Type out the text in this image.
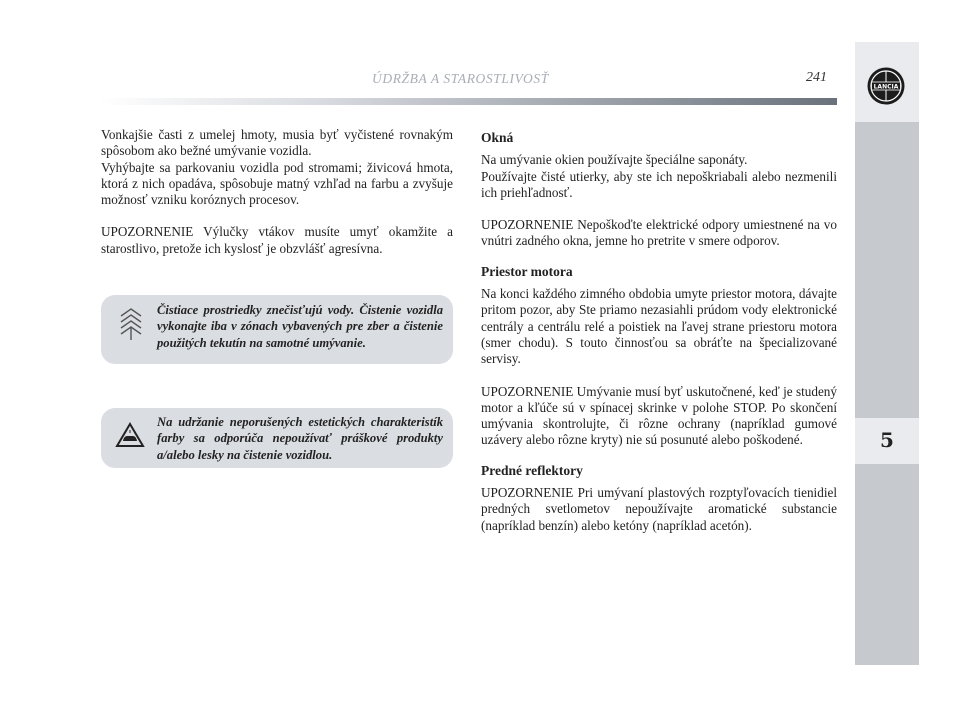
ÚDRŽBA A STAROSTLIVOSŤ	241
LANCIA
5

Vonkajšie časti z umelej hmoty, musia byť vyčistené rovnakým spôsobom ako bežné umývanie vozidla.

Vyhýbajte sa parkovaniu vozidla pod stromami; živicová hmota, ktorá z nich opadáva, spôsobuje matný vzhľad na farbu a zvyšuje možnosť vzniku koróznych procesov.

UPOZORNENIE Výlučky vtákov musíte umyť okamžite a starostlivo, pretože ich kyslosť je obzvlášť agresívna.

Čistiace prostriedky znečisťujú vody. Čistenie vozidla vykonajte iba v zónach vybavených pre zber a čistenie použitých tekutín na samotné umývanie.
Na udržanie neporušených estetických charakteristík farby sa odporúča nepoužívať práškové produkty a/alebo lesky na čistenie vozidlou.
Okná

Na umývanie okien používajte špeciálne saponáty.

Používajte čisté utierky, aby ste ich nepoškriabali alebo nezmenili ich priehľadnosť.

UPOZORNENIE Nepoškoďte elektrické odpory umiestnené na vo vnútri zadného okna, jemne ho pretrite v smere odporov.

Priestor motora

Na konci každého zimného obdobia umyte priestor motora, dávajte pritom pozor, aby Ste priamo nezasiahli prúdom vody elektronické centrály a centrálu relé a poistiek na ľavej strane priestoru motora (smer chodu). S touto činnosťou sa obráťte na špecializované servisy.

UPOZORNENIE Umývanie musí byť uskutočnené, keď je studený motor a kľúče sú v spínacej skrinke v polohe STOP. Po skončení umývania skontrolujte, či rôzne ochrany (napríklad gumové uzávery alebo rôzne kryty) nie sú posunuté alebo poškodené.

Predné reflektory

UPOZORNENIE Pri umývaní plastových rozptyľovacích tienidiel predných svetlometov nepoužívajte aromatické substancie (napríklad benzín) alebo ketóny (napríklad acetón).
